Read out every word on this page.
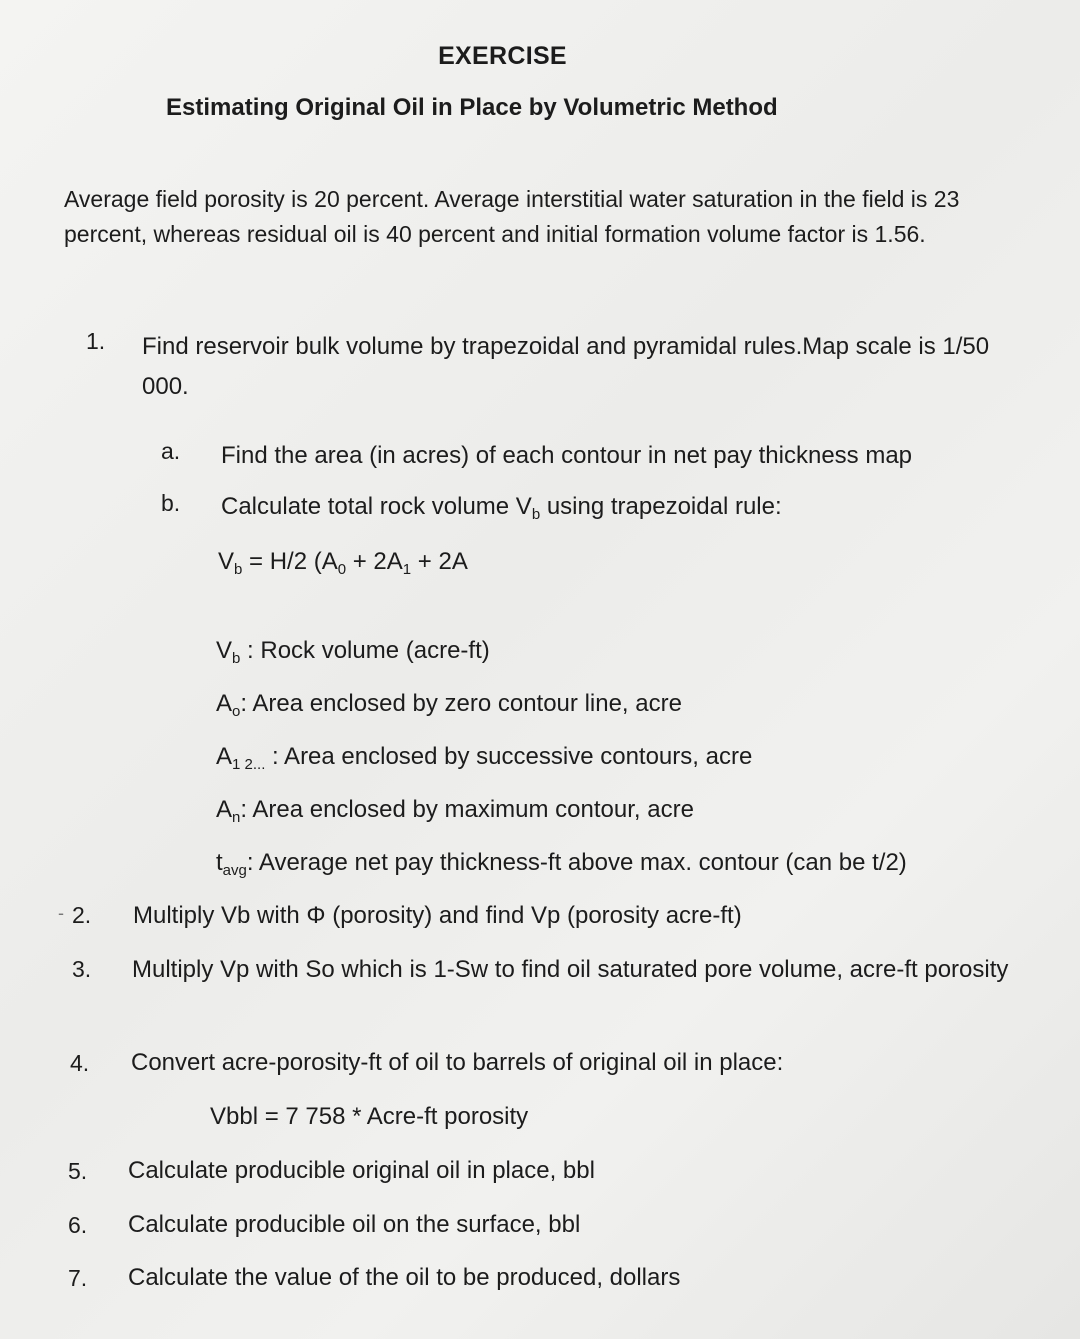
EXERCISE
Estimating Original Oil in Place by Volumetric Method
Average field porosity is 20 percent. Average interstitial water saturation in the field is 23 percent, whereas residual oil is 40 percent and initial formation volume factor is 1.56.
1. Find reservoir bulk volume by trapezoidal and pyramidal rules.Map scale is 1/50 000.
a. Find the area (in acres) of each contour in net pay thickness map
b. Calculate total rock volume $V_b$ using trapezoidal rule:
$V_b = H/2$ ($A_0 + 2A_1 + 2A$
$V_b$ : Rock volume (acre-ft)
$A_o$: Area enclosed by zero contour line, acre
$A_{1 2...}$ : Area enclosed by successive contours, acre
$A_n$: Area enclosed by maximum contour, acre
$t_{avg}$: Average net pay thickness-ft above max. contour (can be t/2)
- 2. Multiply Vb with Φ (porosity) and find Vp (porosity acre-ft)
3. Multiply Vp with So which is 1-Sw to find oil saturated pore volume, acre-ft porosity
4. Convert acre-porosity-ft of oil to barrels of original oil in place:
Vbbl = 7 758 * Acre-ft porosity
5. Calculate producible original oil in place, bbl
6. Calculate producible oil on the surface, bbl
7. Calculate the value of the oil to be produced, dollars
